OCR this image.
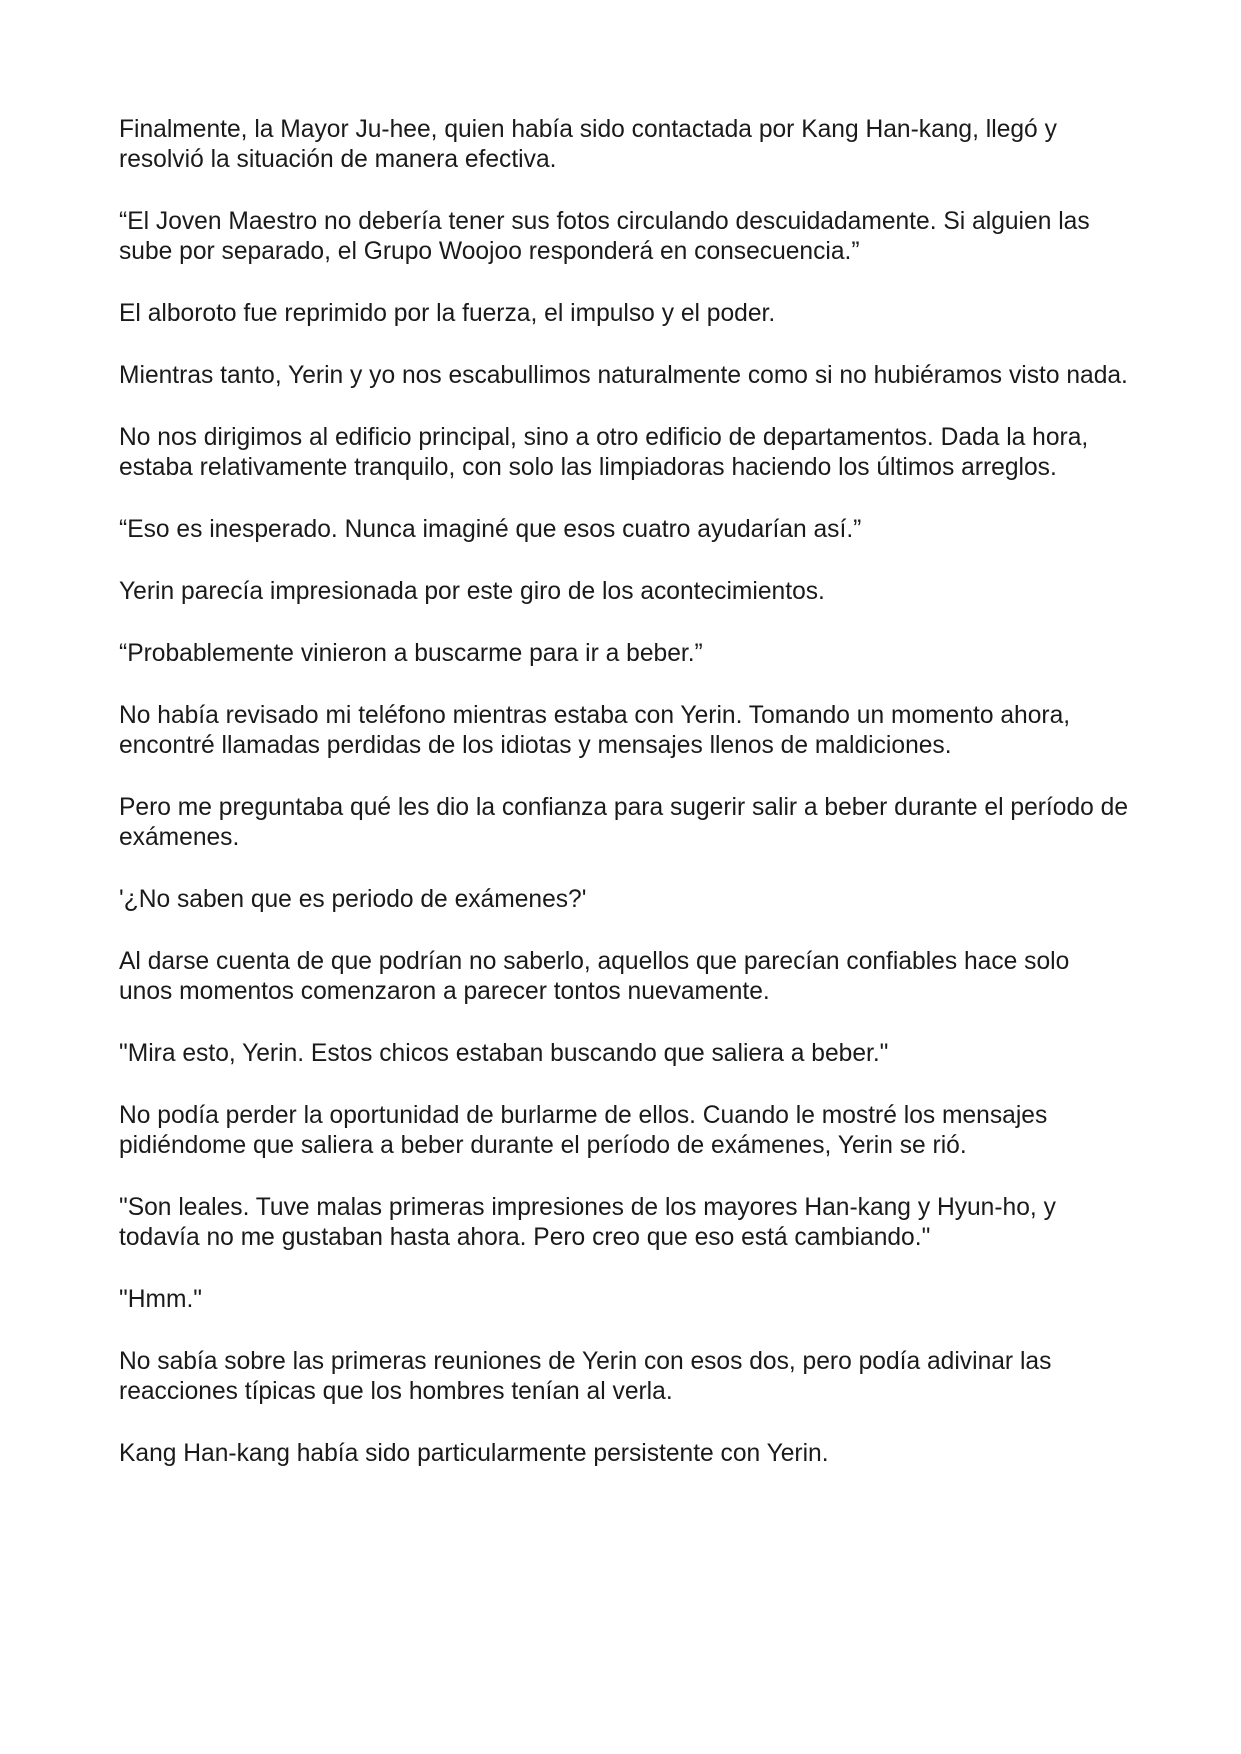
Finalmente, la Mayor Ju-hee, quien había sido contactada por Kang Han-kang, llegó y resolvió la situación de manera efectiva.

“El Joven Maestro no debería tener sus fotos circulando descuidadamente. Si alguien las sube por separado, el Grupo Woojoo responderá en consecuencia.”

El alboroto fue reprimido por la fuerza, el impulso y el poder.

Mientras tanto, Yerin y yo nos escabullimos naturalmente como si no hubiéramos visto nada.

No nos dirigimos al edificio principal, sino a otro edificio de departamentos. Dada la hora, estaba relativamente tranquilo, con solo las limpiadoras haciendo los últimos arreglos.

“Eso es inesperado. Nunca imaginé que esos cuatro ayudarían así.”

Yerin parecía impresionada por este giro de los acontecimientos.

“Probablemente vinieron a buscarme para ir a beber.”

No había revisado mi teléfono mientras estaba con Yerin. Tomando un momento ahora, encontré llamadas perdidas de los idiotas y mensajes llenos de maldiciones.

Pero me preguntaba qué les dio la confianza para sugerir salir a beber durante el período de exámenes.

'¿No saben que es periodo de exámenes?'

Al darse cuenta de que podrían no saberlo, aquellos que parecían confiables hace solo unos momentos comenzaron a parecer tontos nuevamente.

"Mira esto, Yerin. Estos chicos estaban buscando que saliera a beber."

No podía perder la oportunidad de burlarme de ellos. Cuando le mostré los mensajes pidiéndome que saliera a beber durante el período de exámenes, Yerin se rió.

"Son leales. Tuve malas primeras impresiones de los mayores Han-kang y Hyun-ho, y todavía no me gustaban hasta ahora. Pero creo que eso está cambiando."

"Hmm."

No sabía sobre las primeras reuniones de Yerin con esos dos, pero podía adivinar las reacciones típicas que los hombres tenían al verla.

Kang Han-kang había sido particularmente persistente con Yerin.
